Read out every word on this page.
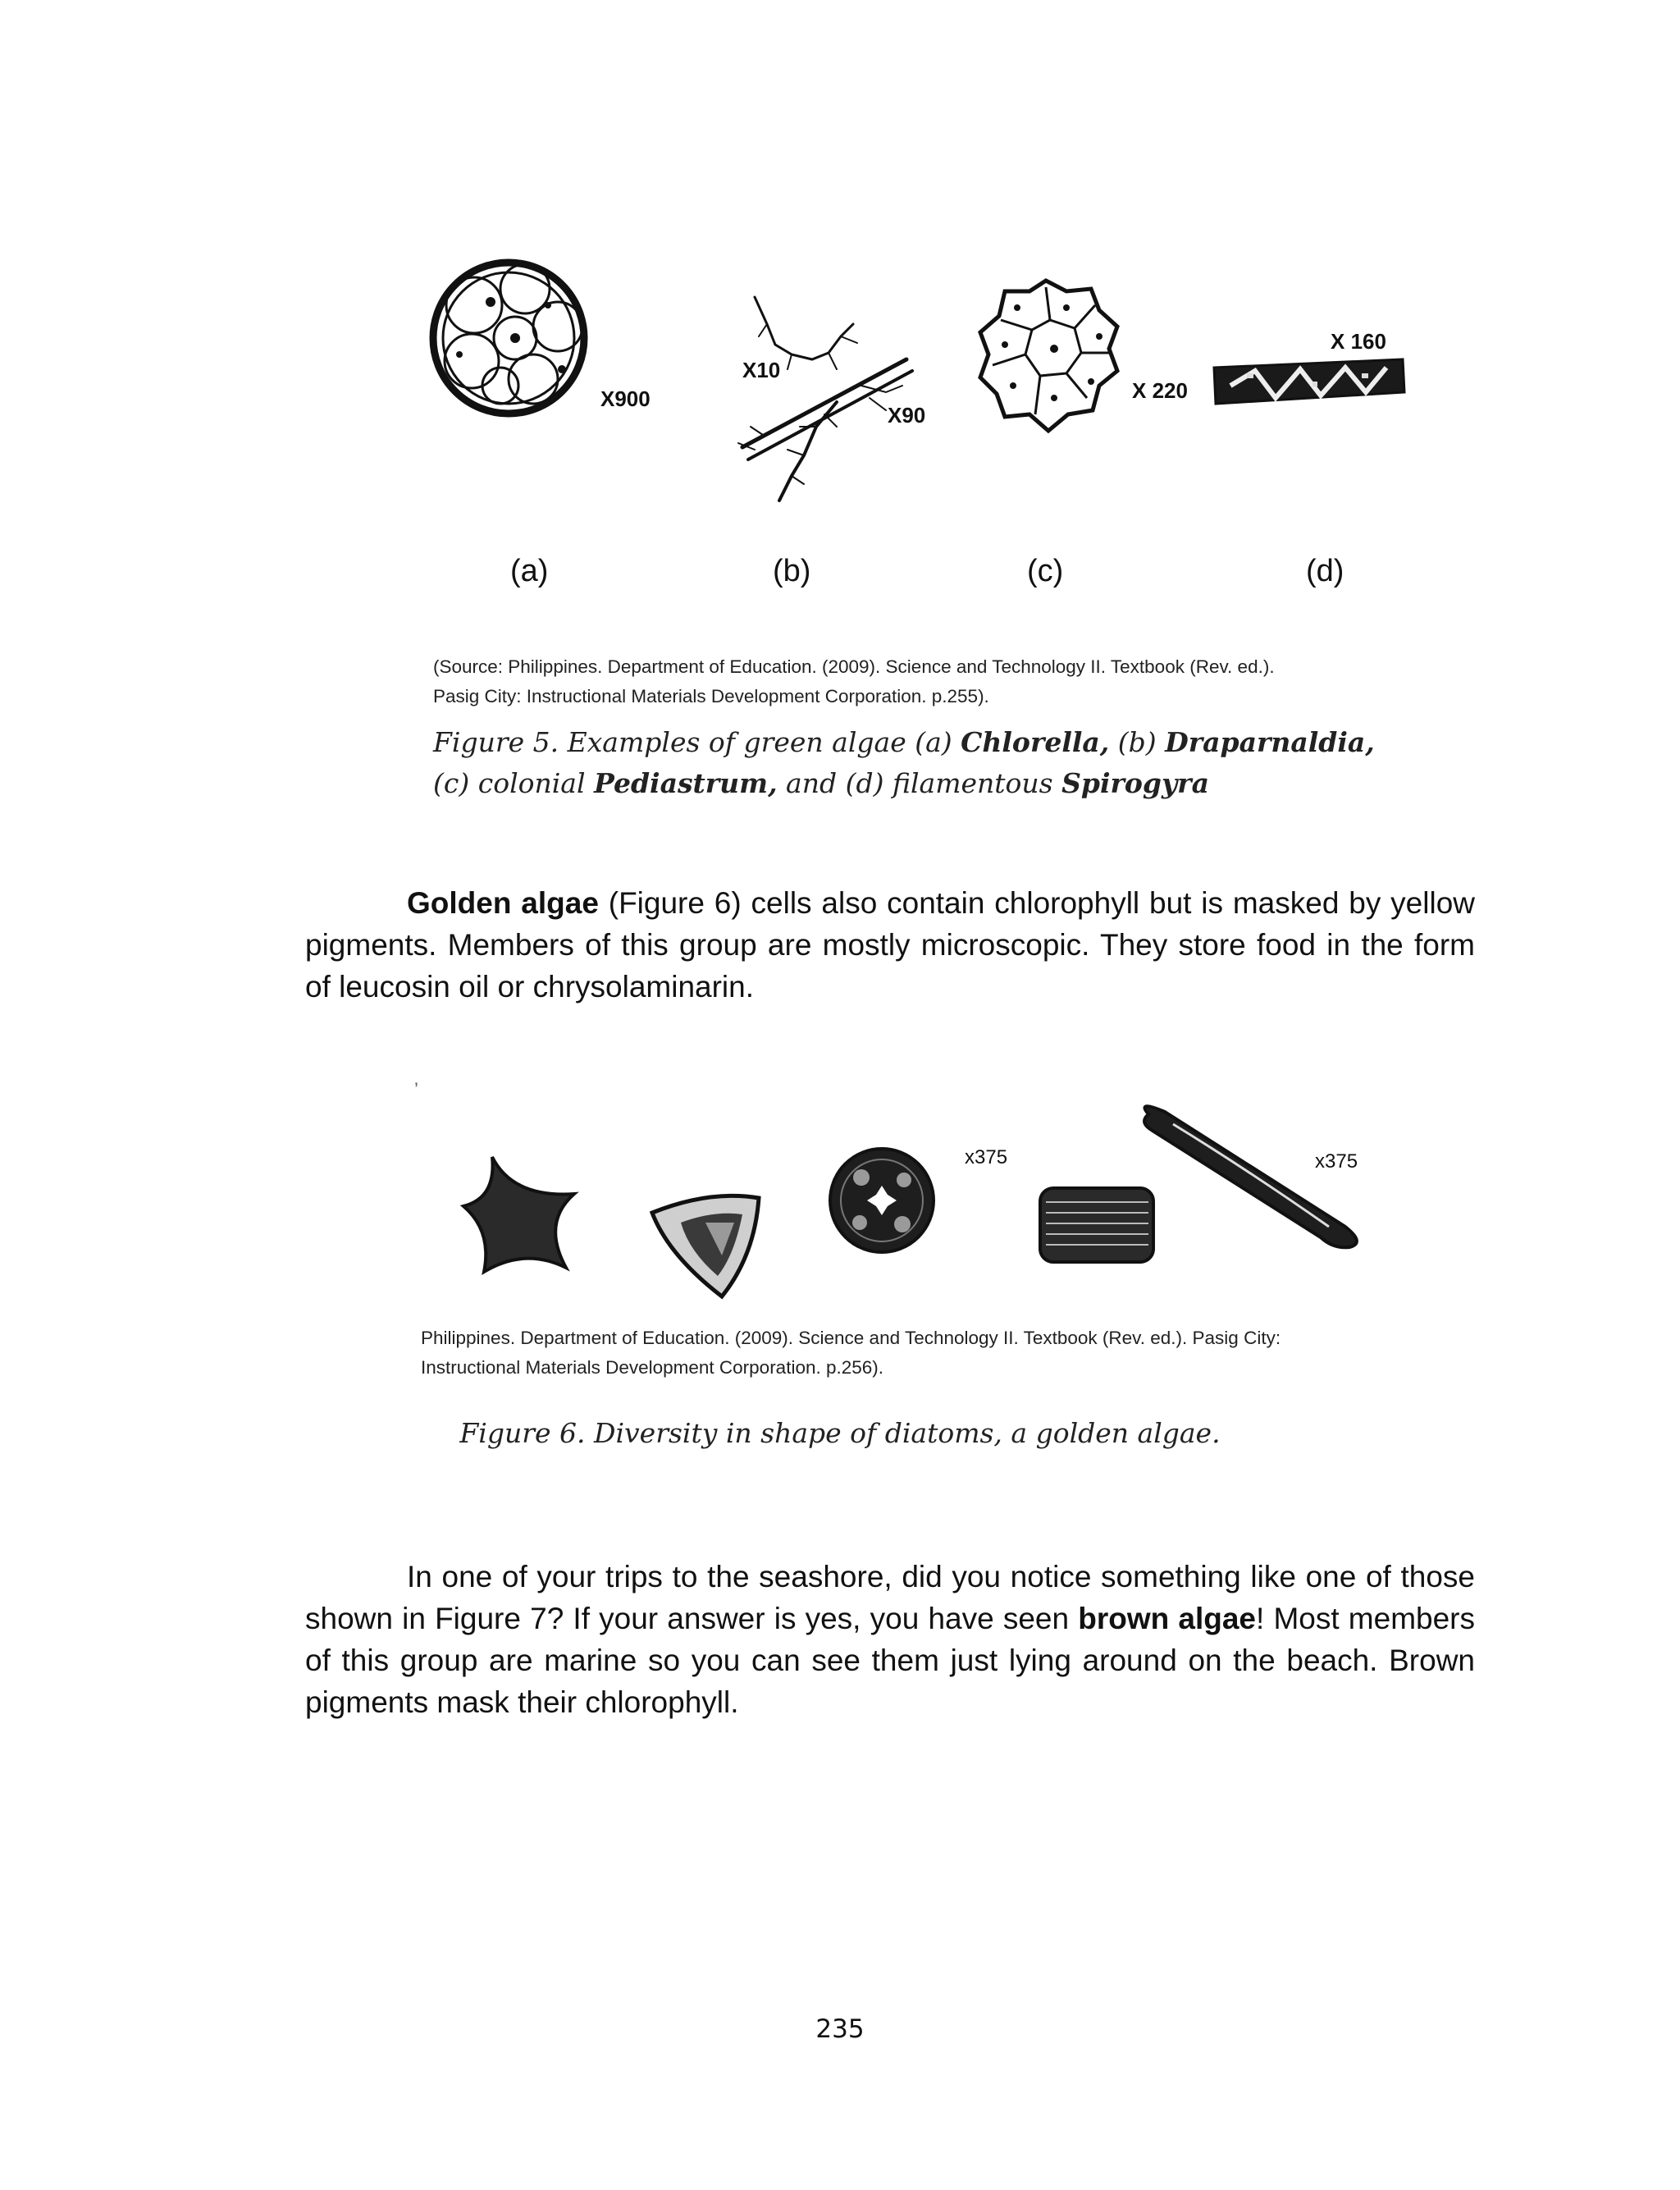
X900
X10
X90
X 220
X 160
(a)	(b)	(c)	(d)
(Source: Philippines. Department of Education. (2009). Science and Technology II. Textbook (Rev. ed.).
Pasig City: Instructional Materials Development Corporation. p.255).
Figure 5. Examples of green algae (a) Chlorella, (b) Draparnaldia,
(c) colonial Pediastrum, and (d) filamentous Spirogyra
Golden algae (Figure 6) cells also contain chlorophyll but is masked by yellow pigments. Members of this group are mostly microscopic. They store food in the form of leucosin oil or chrysolaminarin.
’
x375	x375
Philippines. Department of Education. (2009). Science and Technology II. Textbook (Rev. ed.). Pasig City:
Instructional Materials Development Corporation. p.256).
Figure 6. Diversity in shape of diatoms, a golden algae.
In one of your trips to the seashore, did you notice something like one of those shown in Figure 7? If your answer is yes, you have seen brown algae! Most members of this group are marine so you can see them just lying around on the beach. Brown pigments mask their chlorophyll.
235
